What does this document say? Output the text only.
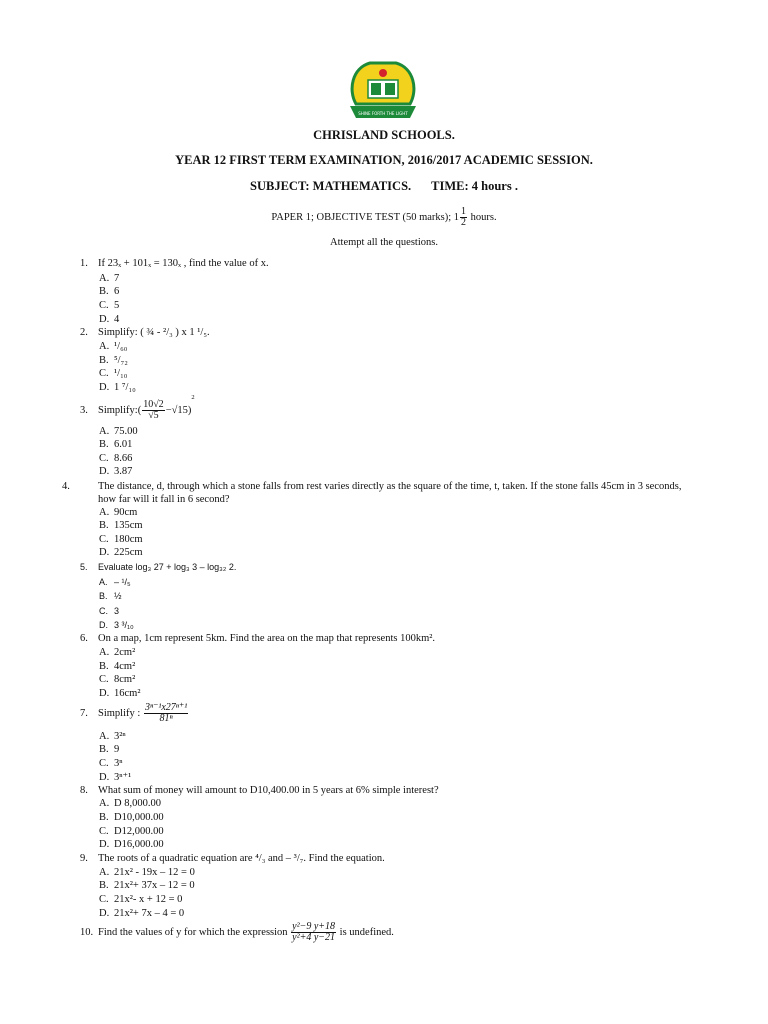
SHINE FORTH THE LIGHT
CHRISLAND SCHOOLS.
YEAR 12 FIRST TERM EXAMINATION, 2016/2017 ACADEMIC SESSION.
SUBJECT: MATHEMATICS. TIME: 4 hours .
PAPER 1; OBJECTIVE TEST (50 marks); $1 \frac{1}{2}$ hours.
Attempt all the questions.
1. If 23ₓ + 101ₓ = 130ₓ , find the value of x.
A. 7
B. 6
C. 5
D. 4
2. Simplify: ( ¾ - ²/₃ ) x 1 ¹/₅.
A. ¹/₆₀
B. ⁵/₇₂
C. ¹/₁₀
D. 1 ⁷/₁₀
3. Simplify:( $\frac{10√2}{√5} -√15)^2$
A. 75.00
B. 6.01
C. 8.66
D. 3.87
4.	The distance, d, through which a stone falls from rest varies directly as the square of the time, t, taken. If the stone falls 45cm in 3 seconds, how far will it fall in 6 second?
A. 90cm
B. 135cm
C. 180cm
D. 225cm
5. Evaluate log₃ 27 + log₃ 3 – log₃₂ 2.
A. – ¹/₅
B. ½
C. 3
D. 3 ³/₁₀
6. On a map, 1cm represent 5km. Find the area on the map that represents 100km².
A. 2cm²
B. 4cm²
C. 8cm²
D. 16cm²
7. Simplify : $\frac{\text{3ⁿ⁻¹x27ⁿ⁺¹}}{\text{81ⁿ}}$
A. 3²ⁿ
B. 9
C. 3ⁿ
D. 3ⁿ⁺¹
8. What sum of money will amount to D10,400.00 in 5 years at 6% simple interest?
A. D 8,000.00
B. D10,000.00
C. D12,000.00
D. D16,000.00
9. The roots of a quadratic equation are ⁴/₃ and – ³/₇. Find the equation.
A. 21x² - 19x – 12 = 0
B. 21x²+ 37x – 12 = 0
C. 21x²- x + 12 = 0
D. 21x²+ 7x – 4 = 0
10. Find the values of y for which the expression $\frac{\text{y²−9 y+18}}{\text{y²+4 y−21}}$ is undefined.
